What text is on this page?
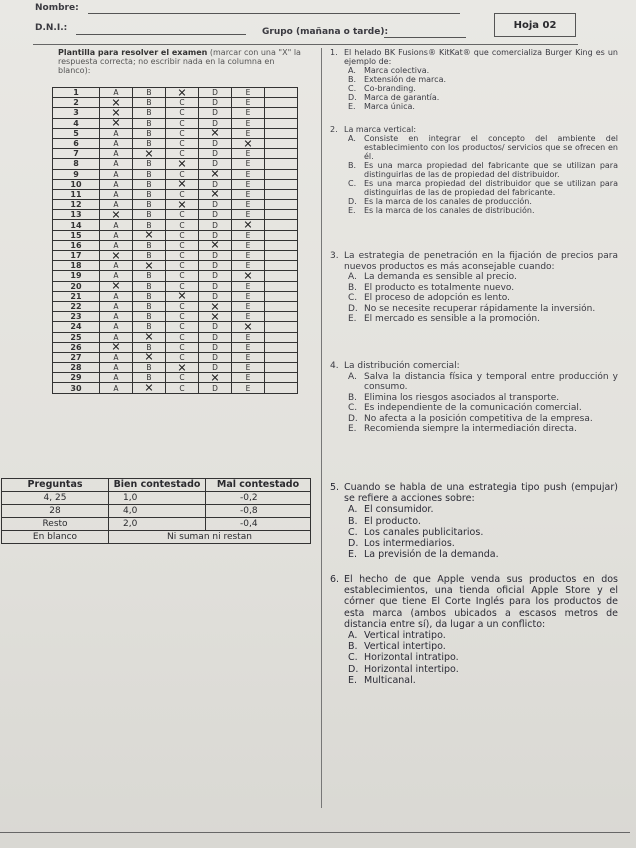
Nombre:
D.N.I.:	Grupo (mañana o tarde):
Hoja 02
Plantilla para resolver el examen (marcar con una "X" la respuesta correcta; no escribir nada en la columna en blanco):
1	A	B	✕	D	E	
2	✕	B	C	D	E	
3	✕	B	C	D	E	
4	✕	B	C	D	E	
5	A	B	C	✕	E	
6	A	B	C	D	✕	

7	A	✕	C	D	E	
8	A	B	✕	D	E	
9	A	B	C	✕	E	
10	A	B	✕	D	E	
11	A	B	C	✕	E	
12	A	B	✕	D	E	
13	✕	B	C	D	E	
14	A	B	C	D	✕	

15	A	✕	C	D	E	
16	A	B	C	✕	E	
17	✕	B	C	D	E	
18	A	✕	C	D	E	
19	A	B	C	D	✕	

20	✕	B	C	D	E	
21	A	B	✕	D	E	
22	A	B	C	✕	E	
23	A	B	C	✕	E	
24	A	B	C	D	✕	

25	A	✕	C	D	E	
26	✕	B	C	D	E	
27	A	✕	C	D	E	
28	A	B	✕	D	E	
29	A	B	C	✕	E	
30	A	✕	C	D	E	
Preguntas	Bien contestado	Mal contestado
4, 25	1,0	-0,2
28	4,0	-0,8
Resto	2,0	-0,4
En blanco	Ni suman ni restan	
1. El helado BK Fusions® KitKat® que comercializa Burger King es un ejemplo de:
A.	Marca colectiva.
B. Extensión de marca.
C. Co-branding.
D. Marca de garantía.
E.	Marca única.
2. La marca vertical:
A.	Consiste en integrar el concepto del ambiente del establecimiento con los productos/ servicios que se ofrecen en él.
B. Es una marca propiedad del fabricante que se utilizan para distinguirlas de las de propiedad del distribuidor.
C. Es una marca propiedad del distribuidor que se utilizan para distinguirlas de las de propiedad del fabricante.
D. Es la marca de los canales de producción.
E.	Es la marca de los canales de distribución.
3. La estrategia de penetración en la fijación de precios para nuevos productos es más aconsejable cuando:
A. La demanda es sensible al precio.
B. El producto es totalmente nuevo.
C. El proceso de adopción es lento.
D. No se necesite recuperar rápidamente la inversión.
E. El mercado es sensible a la promoción.
4. La distribución comercial:
A. Salva la distancia física y temporal entre producción y consumo.
B. Elimina los riesgos asociados al transporte.
C. Es independiente de la comunicación comercial.
D. No afecta a la posición competitiva de la empresa.
E. Recomienda siempre la intermediación directa.
5. Cuando se habla de una estrategia tipo push (empujar) se refiere a acciones sobre:
A. El consumidor.
B. El producto.
C. Los canales publicitarios.
D. Los intermediarios.
E. La previsión de la demanda.
6. El hecho de que Apple venda sus productos en dos establecimientos, una tienda oficial Apple Store y el córner que tiene El Corte Inglés para los productos de esta marca (ambos ubicados a escasos metros de distancia entre sí), da lugar a un conflicto:
A. Vertical intratipo.
B. Vertical intertipo.
C. Horizontal intratipo.
D. Horizontal intertipo.
E. Multicanal.
